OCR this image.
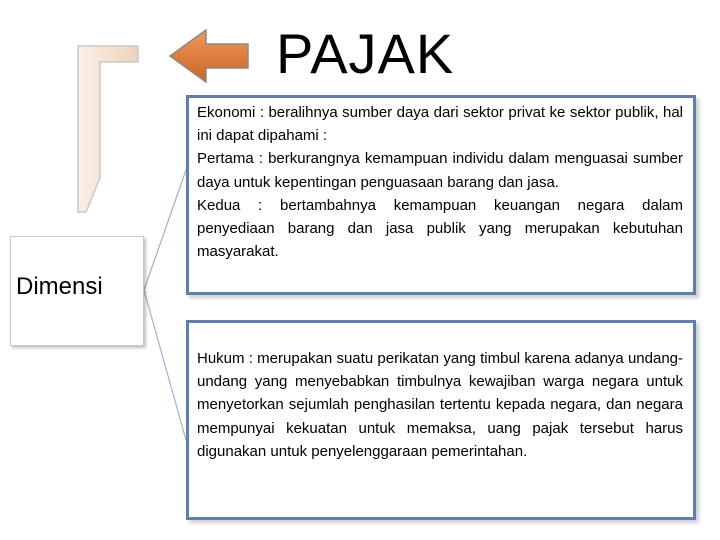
PAJAK
Dimensi

Ekonomi : beralihnya sumber daya dari sektor privat ke sektor publik, hal ini dapat dipahami :

Pertama : berkurangnya kemampuan individu dalam menguasai sumber daya untuk kepentingan penguasaan barang dan jasa.

Kedua : bertambahnya kemampuan keuangan negara dalam penyediaan barang dan jasa publik yang merupakan kebutuhan masyarakat.

Hukum : merupakan suatu perikatan yang timbul karena adanya undang-undang yang menyebabkan timbulnya kewajiban warga negara untuk menyetorkan sejumlah penghasilan tertentu kepada negara, dan negara mempunyai kekuatan untuk memaksa, uang pajak tersebut harus digunakan untuk penyelenggaraan pemerintahan.
